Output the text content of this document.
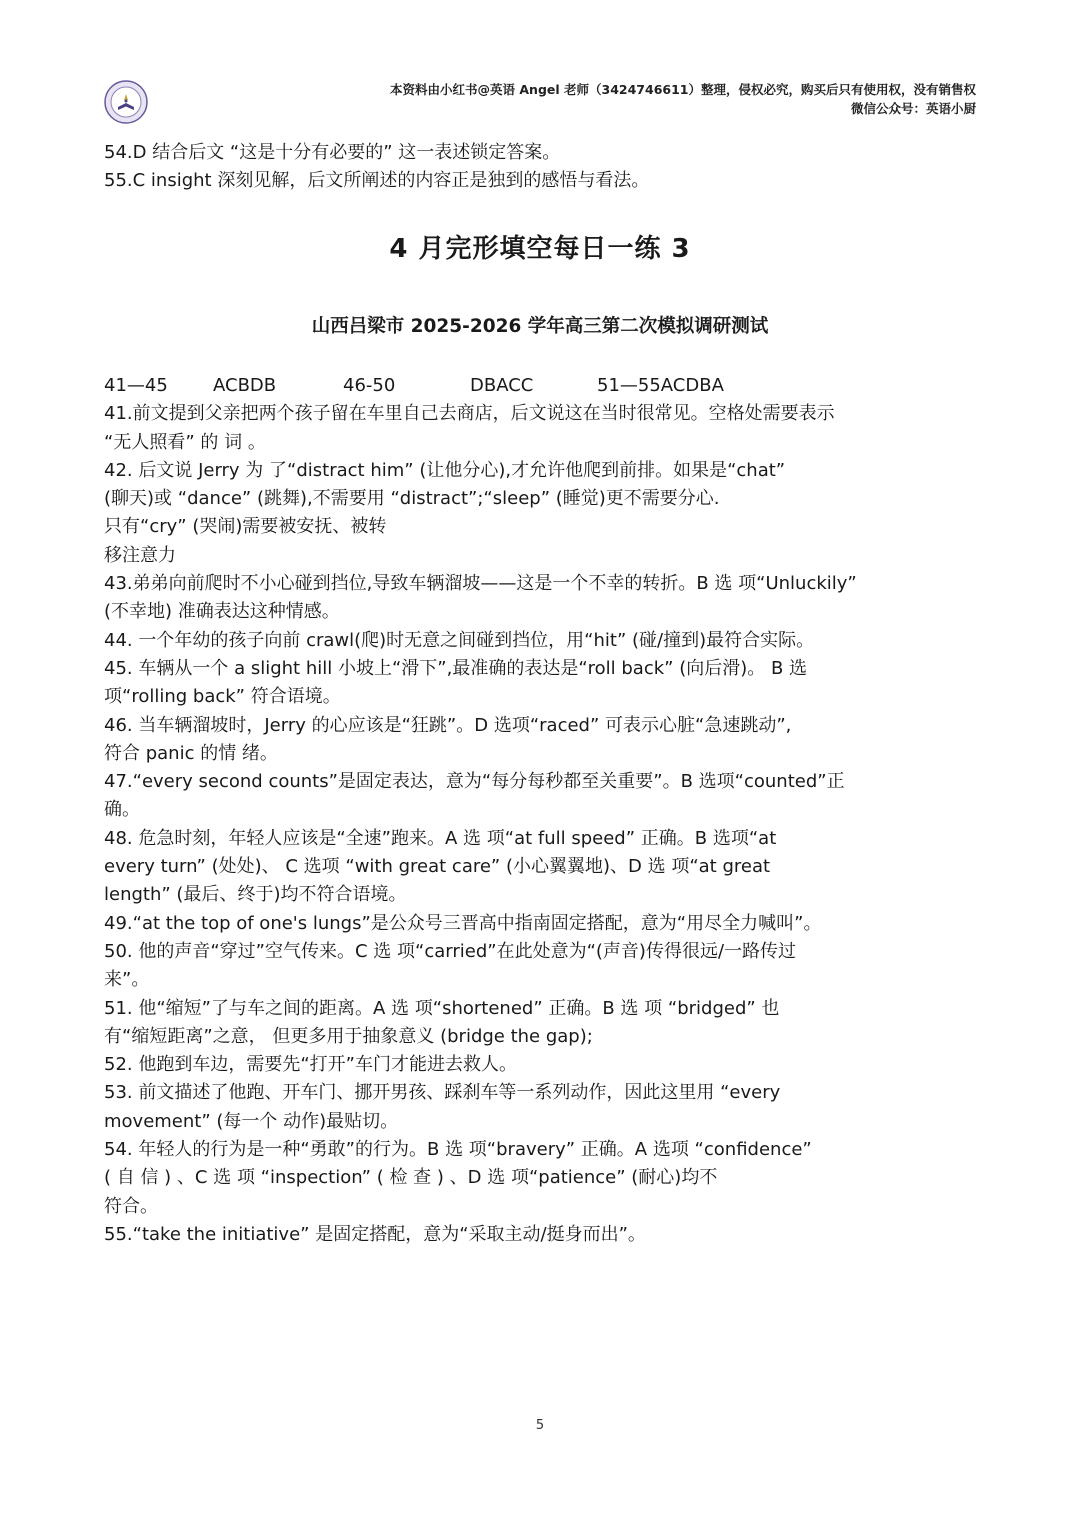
本资料由小红书@英语 Angel 老师（3424746611）整理，侵权必究，购买后只有使用权，没有销售权
微信公众号：英语小厨
54.D 结合后文 “这是十分有必要的” 这一表述锁定答案。
55.C insight 深刻见解，后文所阐述的内容正是独到的感悟与看法。
4 月完形填空每日一练 3
山西吕梁市 2025-2026 学年高三第二次模拟调研测试
41—45	ACBDB	46-50	DBACC	51—55ACDBA
41.前文提到父亲把两个孩子留在车里自己去商店，后文说这在当时很常见。空格处需要表示
“无人照看” 的 词 。
42. 后文说 Jerry 为 了“distract him” (让他分心),才允许他爬到前排。如果是“chat”
(聊天)或 “dance” (跳舞),不需要用 “distract”;“sleep” (睡觉)更不需要分心.
只有“cry” (哭闹)需要被安抚、被转
移注意力
43.弟弟向前爬时不小心碰到挡位,导致车辆溜坡——这是一个不幸的转折。B 选 项“Unluckily”
(不幸地) 准确表达这种情感。
44. 一个年幼的孩子向前 crawl(爬)时无意之间碰到挡位，用“hit” (碰/撞到)最符合实际。
45. 车辆从一个 a slight hill 小坡上“滑下”,最准确的表达是“roll back” (向后滑)。 B 选
项“rolling back” 符合语境。
46. 当车辆溜坡时，Jerry 的心应该是“狂跳”。D 选项“raced” 可表示心脏“急速跳动”,
符合 panic 的情 绪。
47.“every second counts”是固定表达，意为“每分每秒都至关重要”。B 选项“counted”正
确。
48. 危急时刻，年轻人应该是“全速”跑来。A 选 项“at full speed” 正确。B 选项“at
every turn” (处处)、 C 选项 “with great care” (小心翼翼地)、D 选 项“at great
length” (最后、终于)均不符合语境。
49.“at the top of one's lungs”是公众号三晋高中指南固定搭配，意为“用尽全力喊叫”。
50. 他的声音“穿过”空气传来。C 选 项“carried”在此处意为“(声音)传得很远/一路传过
来”。
51. 他“缩短”了与车之间的距离。A 选 项“shortened” 正确。B 选 项 “bridged” 也
有“缩短距离”之意， 但更多用于抽象意义 (bridge the gap);
52. 他跑到车边，需要先“打开”车门才能进去救人。
53. 前文描述了他跑、开车门、挪开男孩、踩刹车等一系列动作，因此这里用 “every
movement” (每一个 动作)最贴切。
54. 年轻人的行为是一种“勇敢”的行为。B 选 项“bravery” 正确。A 选项 “confidence”
( 自 信 ) 、C 选 项 “inspection” ( 检 查 ) 、D 选 项“patience” (耐心)均不
符合。
55.“take the initiative” 是固定搭配，意为“采取主动/挺身而出”。
5
